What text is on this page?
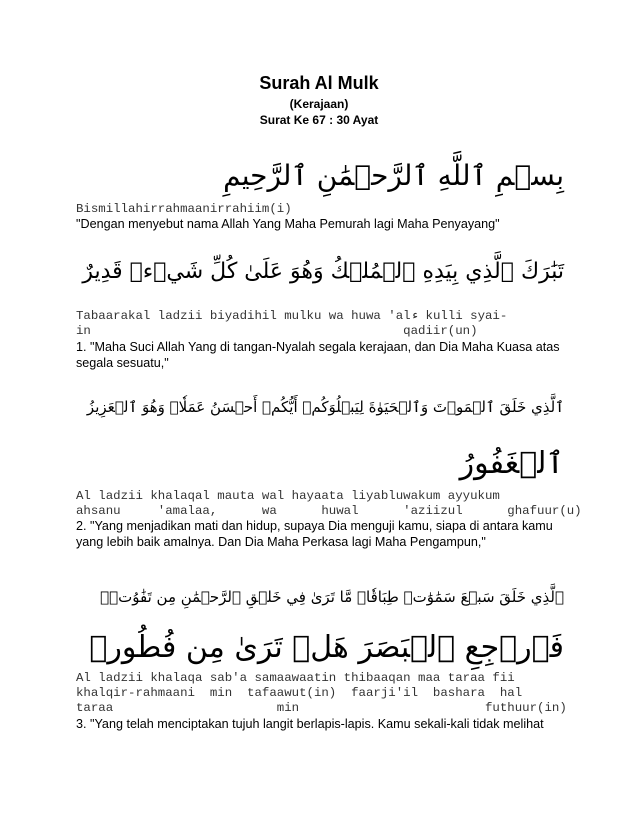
Surah Al Mulk
(Kerajaan)
Surat Ke 67 : 30 Ayat
بِسۡمِ ٱللَّهِ ٱلرَّحۡمَٰنِ ٱلرَّحِيمِ
Bismillahirrahmaanirrahiim(i)
"Dengan menyebut nama Allah Yang Maha Pemurah lagi Maha Penyayang"
تَبَٰرَكَ ٱلَّذِي بِيَدِهِ ٱلۡمُلۡكُ وَهُوَ عَلَىٰ كُلِّ شَيۡءٖ قَدِيرٌ
Tabaarakal ladzii biyadihil mulku wa huwa 'alء kulli syai-
in                                          qadiir(un)
1. "Maha Suci Allah Yang di tangan-Nyalah segala kerajaan, dan Dia Maha Kuasa atas
segala sesuatu,"
ٱلَّذِي خَلَقَ ٱلۡمَوۡتَ وَٱلۡحَيَوٰةَ لِيَبۡلُوَكُمۡ أَيُّكُمۡ أَحۡسَنُ عَمَلٗاۚ وَهُوَ ٱلۡعَزِيزُ
ٱلۡغَفُورُ
Al ladzii khalaqal mauta wal hayaata liyabluwakum ayyukum
ahsanu     'amalaa,      wa      huwal      'aziizul      ghafuur(u)
2. "Yang menjadikan mati dan hidup, supaya Dia menguji kamu, siapa di antara kamu
yang lebih baik amalnya. Dan Dia Maha Perkasa lagi Maha Pengampun,"
ٱلَّذِي خَلَقَ سَبۡعَ سَمَٰوَٰتٖ طِبَاقٗاۖ مَّا تَرَىٰ فِي خَلۡقِ ٱلرَّحۡمَٰنِ مِن تَفَٰوُتٖۖ
فَٱرۡجِعِ ٱلۡبَصَرَ هَلۡ تَرَىٰ مِن فُطُورٖ
Al ladzii khalaqa sab'a samaawaatin thibaaqan maa taraa fii
khalqir-rahmaani  min  tafaawut(in)  faarji'il  bashara  hal
taraa                      min                         futhuur(in)
3. "Yang telah menciptakan tujuh langit berlapis-lapis. Kamu sekali-kali tidak melihat
